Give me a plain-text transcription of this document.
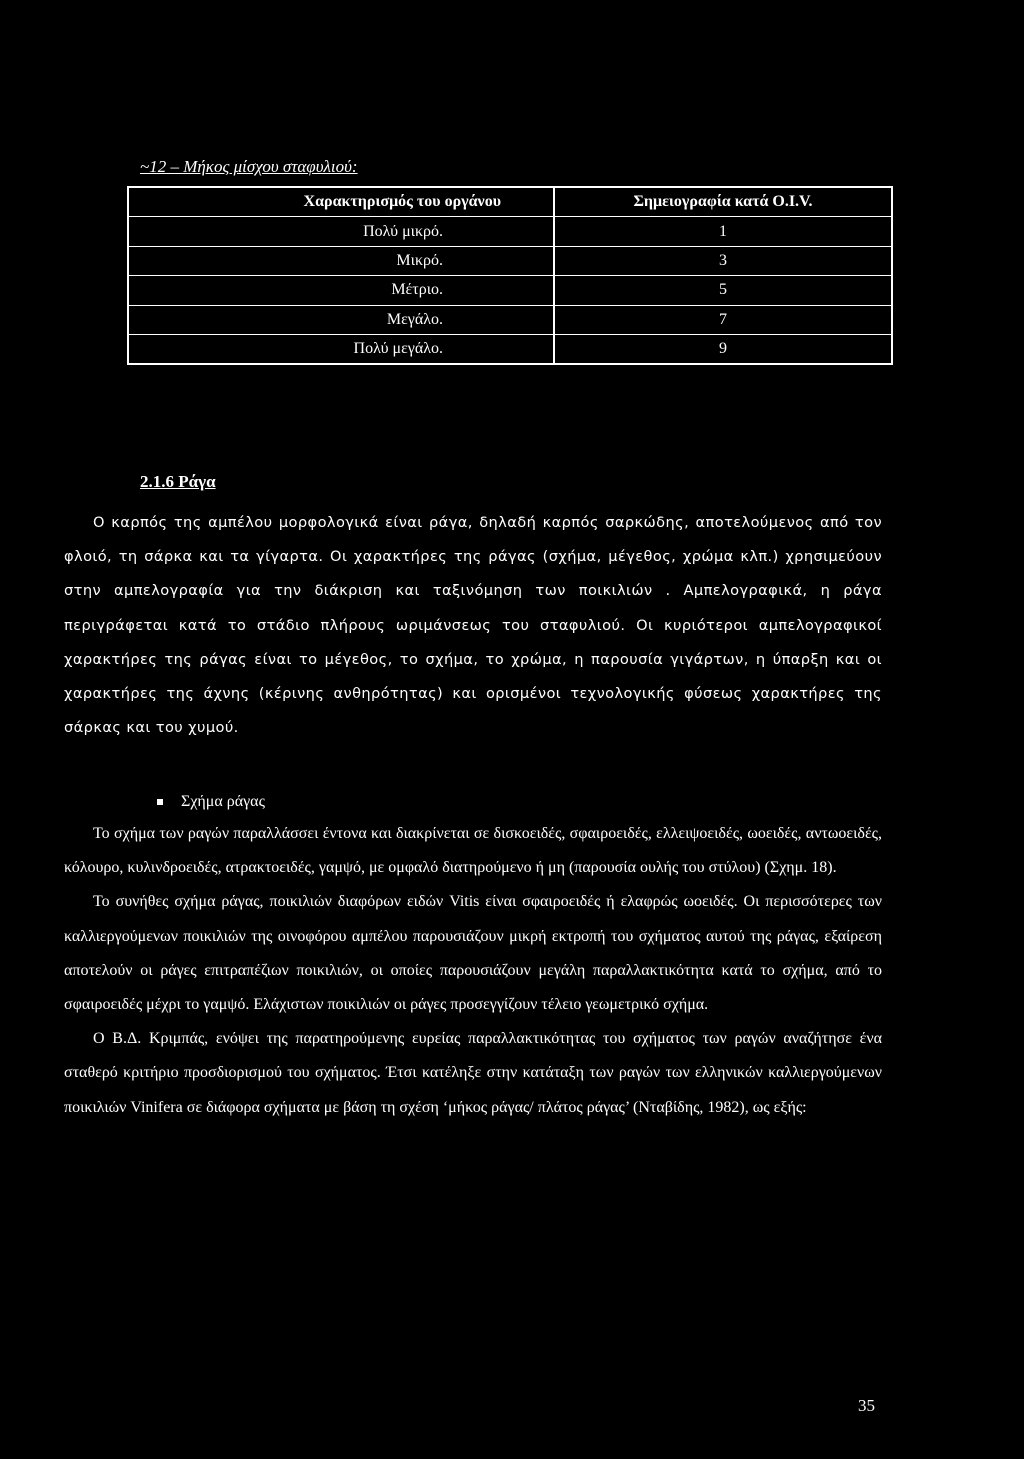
~12 – Μήκος μίσχου σταφυλιού:
Χαρακτηρισμός του οργάνου	Σημειογραφία κατά O.I.V.
Πολύ μικρό.	1
Μικρό.	3
Μέτριο.	5
Μεγάλο.	7
Πολύ μεγάλο.	9
2.1.6 Ράγα

Ο καρπός της αμπέλου μορφολογικά είναι ράγα, δηλαδή καρπός σαρκώδης, αποτελούμενος από τον φλοιό, τη σάρκα και τα γίγαρτα. Οι χαρακτήρες της ράγας (σχήμα, μέγεθος, χρώμα κλπ.) χρησιμεύουν στην αμπελογραφία για την διάκριση και ταξινόμηση των ποικιλιών . Αμπελογραφικά, η ράγα περιγράφεται κατά το στάδιο πλήρους ωριμάνσεως του σταφυλιού. Οι κυριότεροι αμπελογραφικοί χαρακτήρες της ράγας είναι το μέγεθος, το σχήμα, το χρώμα, η παρουσία γιγάρτων, η ύπαρξη και οι χαρακτήρες της άχνης (κέρινης ανθηρότητας) και ορισμένοι τεχνολογικής φύσεως χαρακτήρες της σάρκας και του χυμού.

Σχήμα ράγας

Το σχήμα των ραγών παραλλάσσει έντονα και διακρίνεται σε δισκοειδές, σφαιροειδές, ελλειψοειδές, ωοειδές, αντωοειδές, κόλουρο, κυλινδροειδές, ατρακτοειδές, γαμψό, με ομφαλό διατηρούμενο ή μη (παρουσία ουλής του στύλου) (Σχημ. 18).

Το συνήθες σχήμα ράγας, ποικιλιών διαφόρων ειδών Vitis είναι σφαιροειδές ή ελαφρώς ωοειδές. Οι περισσότερες των καλλιεργούμενων ποικιλιών της οινοφόρου αμπέλου παρουσιάζουν μικρή εκτροπή του σχήματος αυτού της ράγας, εξαίρεση αποτελούν οι ράγες επιτραπέζιων ποικιλιών, οι οποίες παρουσιάζουν μεγάλη παραλλακτικότητα κατά το σχήμα, από το σφαιροειδές μέχρι το γαμψό. Ελάχιστων ποικιλιών οι ράγες προσεγγίζουν τέλειο γεωμετρικό σχήμα.

Ο Β.Δ. Κριμπάς, ενόψει της παρατηρούμενης ευρείας παραλλακτικότητας του σχήματος των ραγών αναζήτησε ένα σταθερό κριτήριο προσδιορισμού του σχήματος. Έτσι κατέληξε στην κατάταξη των ραγών των ελληνικών καλλιεργούμενων ποικιλιών Vinifera σε διάφορα σχήματα με βάση τη σχέση ‘μήκος ράγας/ πλάτος ράγας’ (Νταβίδης, 1982), ως εξής:

35
